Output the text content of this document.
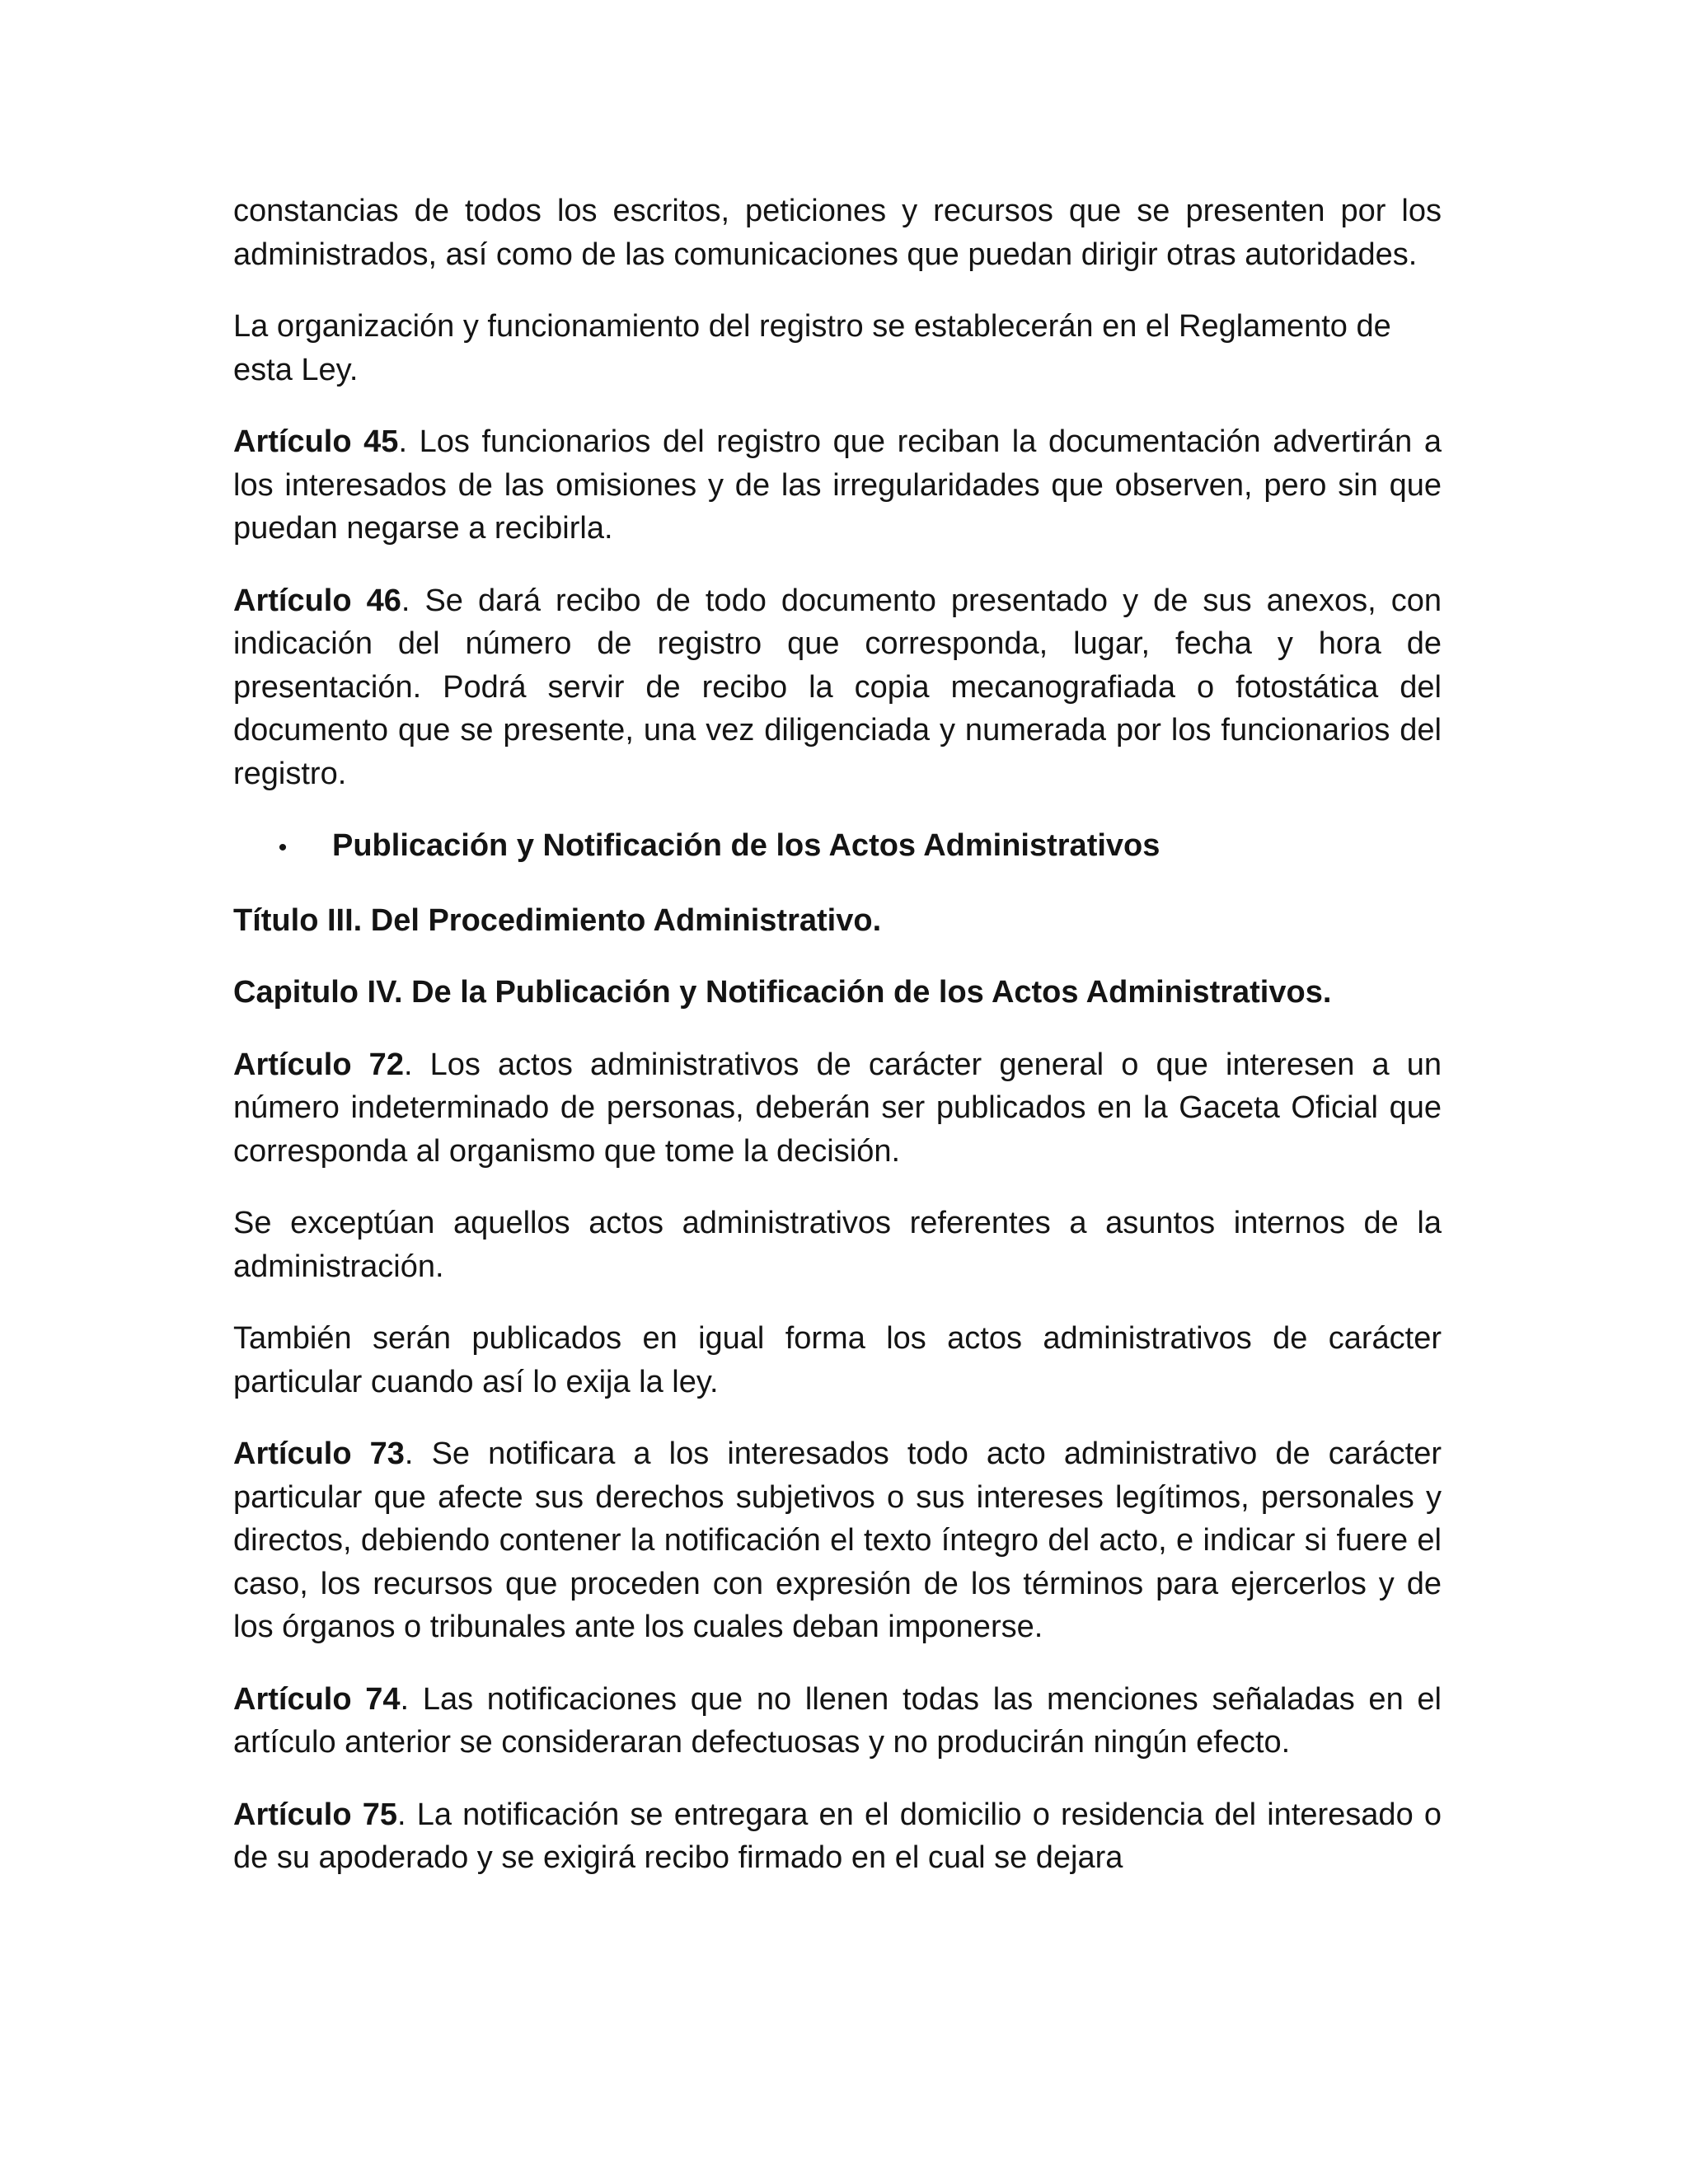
constancias de todos los escritos, peticiones y recursos que se presenten por los administrados, así como de las comunicaciones que puedan dirigir otras autoridades.

La organización y funcionamiento del registro se establecerán en el Reglamento de esta Ley.

Artículo 45. Los funcionarios del registro que reciban la documentación advertirán a los interesados de las omisiones y de las irregularidades que observen, pero sin que puedan negarse a recibirla.

Artículo 46. Se dará recibo de todo documento presentado y de sus anexos, con indicación del número de registro que corresponda, lugar, fecha y hora de presentación. Podrá servir de recibo la copia mecanografiada o fotostática del documento que se presente, una vez diligenciada y numerada por los funcionarios del registro.

•	Publicación y Notificación de los Actos Administrativos

Título III. Del Procedimiento Administrativo.

Capitulo IV. De la Publicación y Notificación de los Actos Administrativos.

Artículo 72. Los actos administrativos de carácter general o que interesen a un número indeterminado de personas, deberán ser publicados en la Gaceta Oficial que corresponda al organismo que tome la decisión.

Se exceptúan aquellos actos administrativos referentes a asuntos internos de la administración.

También serán publicados en igual forma los actos administrativos de carácter particular cuando así lo exija la ley.

Artículo 73. Se notificara a los interesados todo acto administrativo de carácter particular que afecte sus derechos subjetivos o sus intereses legítimos, personales y directos, debiendo contener la notificación el texto íntegro del acto, e indicar si fuere el caso, los recursos que proceden con expresión de los términos para ejercerlos y de los órganos o tribunales ante los cuales deban imponerse.

Artículo 74. Las notificaciones que no llenen todas las menciones señaladas en el artículo anterior se consideraran defectuosas y no producirán ningún efecto.

Artículo 75. La notificación se entregara en el domicilio o residencia del interesado o de su apoderado y se exigirá recibo firmado en el cual se dejara
